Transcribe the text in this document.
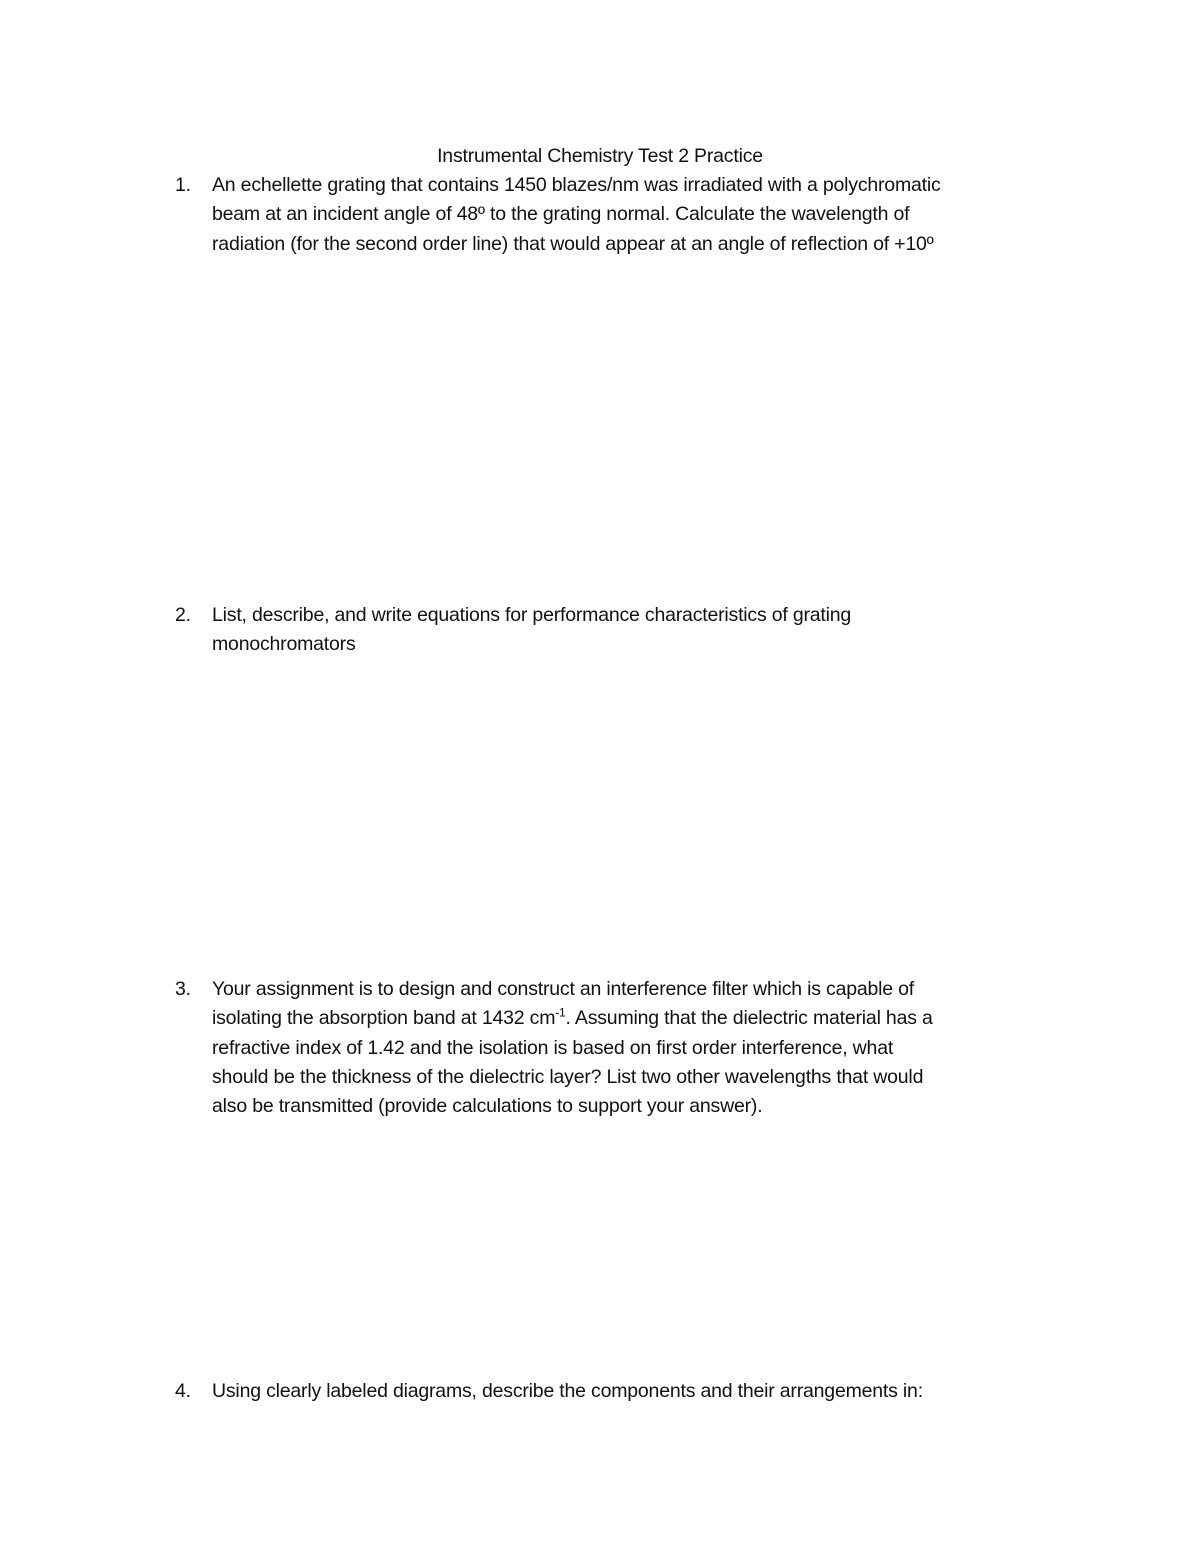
Instrumental Chemistry Test 2 Practice
1.	An echellette grating that contains 1450 blazes/nm was irradiated with a polychromatic
beam at an incident angle of 48º to the grating normal. Calculate the wavelength of
radiation (for the second order line) that would appear at an angle of reflection of +10º
2.	List, describe, and write equations for performance characteristics of grating
monochromators
3.	Your assignment is to design and construct an interference filter which is capable of
isolating the absorption band at 1432 $cm^{-1}$. Assuming that the dielectric material has a
refractive index of 1.42 and the isolation is based on first order interference, what
should be the thickness of the dielectric layer? List two other wavelengths that would
also be transmitted (provide calculations to support your answer).
4.	Using clearly labeled diagrams, describe the components and their arrangements in:
